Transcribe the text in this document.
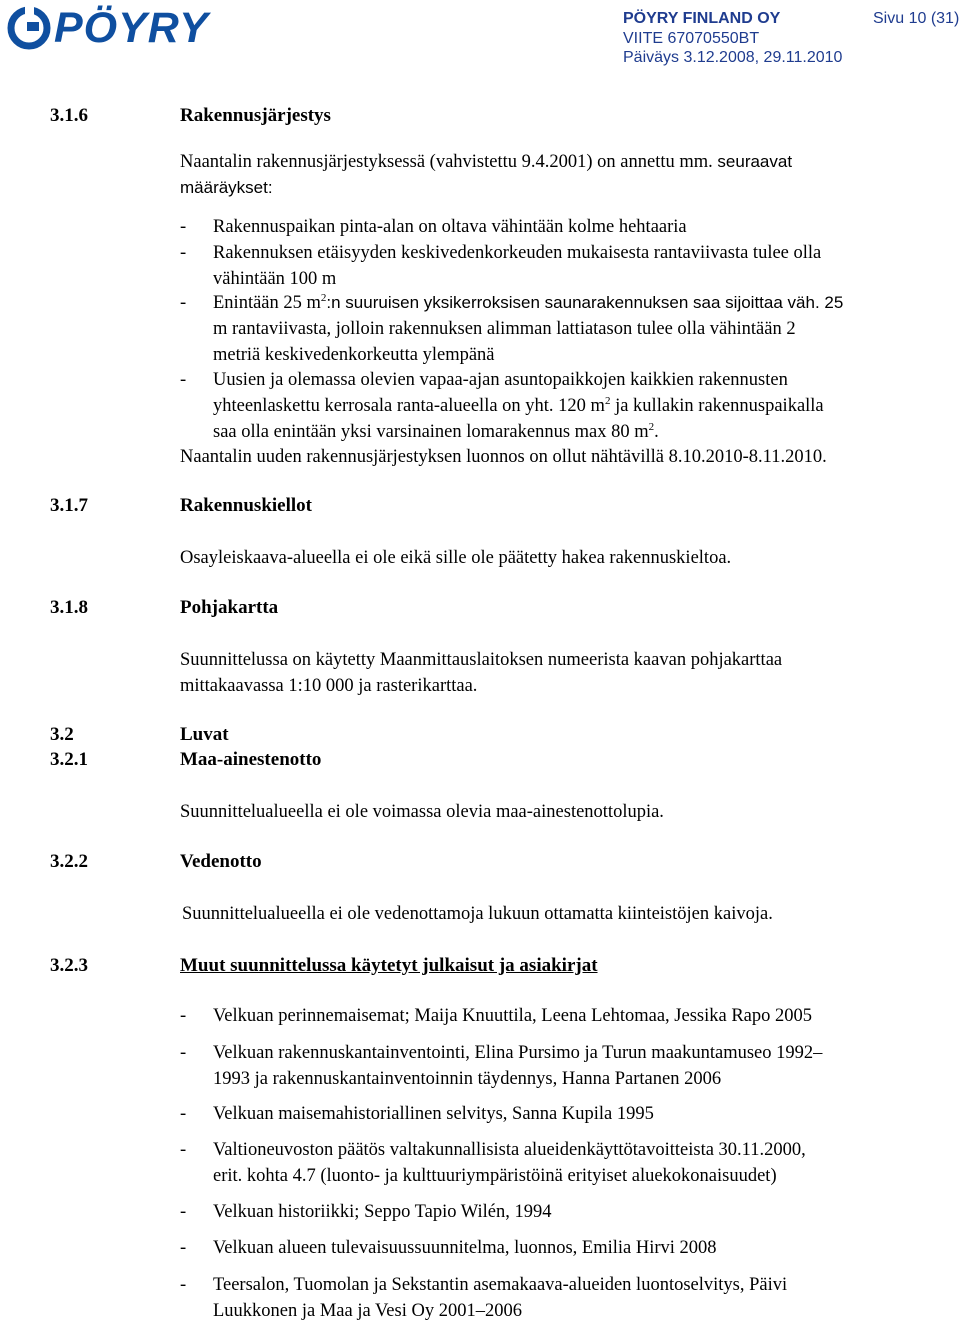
PÖYRY	PÖYRY FINLAND OY
VIITE 67070550BT
Päiväys 3.12.2008, 29.11.2010
Sivu 10 (31)
3.1.6	Rakennusjärjestys
Naantalin rakennusjärjestyksessä (vahvistettu 9.4.2001) on annettu mm. seuraavat
määräykset:
- Rakennuspaikan pinta-alan on oltava vähintään kolme hehtaaria
- Rakennuksen etäisyyden keskivedenkorkeuden mukaisesta rantaviivasta tulee olla
vähintään 100 m
- Enintään 25 $m^2:n$ suuruisen yksikerroksisen saunarakennuksen saa sijoittaa väh. 25
m rantaviivasta, jolloin rakennuksen alimman lattiatason tulee olla vähintään 2
metriä keskivedenkorkeutta ylempänä
- Uusien ja olemassa olevien vapaa-ajan asuntopaikkojen kaikkien rakennusten
yhteenlaskettu kerrosala ranta-alueella on yht. 120 $m^2$ ja kullakin rakennuspaikalla
saa olla enintään yksi varsinainen lomarakennus max 80 $m^2$.
Naantalin uuden rakennusjärjestyksen luonnos on ollut nähtävillä 8.10.2010-8.11.2010.
3.1.7	Rakennuskiellot
Osayleiskaava-alueella ei ole eikä sille ole päätetty hakea rakennuskieltoa.
3.1.8	Pohjakartta
Suunnittelussa on käytetty Maanmittauslaitoksen numeerista kaavan pohjakarttaa
mittakaavassa 1:10 000 ja rasterikarttaa.
3.2	Luvat
3.2.1	Maa-ainestenotto
Suunnittelualueella ei ole voimassa olevia maa-ainestenottolupia.
3.2.2	Vedenotto
Suunnittelualueella ei ole vedenottamoja lukuun ottamatta kiinteistöjen kaivoja.
3.2.3	Muut suunnittelussa käytetyt julkaisut ja asiakirjat
- Velkuan perinnemaisemat; Maija Knuuttila, Leena Lehtomaa, Jessika Rapo 2005
- Velkuan rakennuskantainventointi, Elina Pursimo ja Turun maakuntamuseo 1992–
1993 ja rakennuskantainventoinnin täydennys, Hanna Partanen 2006
- Velkuan maisemahistoriallinen selvitys, Sanna Kupila 1995
- Valtioneuvoston päätös valtakunnallisista alueidenkäyttötavoitteista 30.11.2000,
erit. kohta 4.7 (luonto- ja kulttuuriympäristöinä erityiset aluekokonaisuudet)
- Velkuan historiikki; Seppo Tapio Wilén, 1994
- Velkuan alueen tulevaisuussuunnitelma, luonnos, Emilia Hirvi 2008
- Teersalon, Tuomolan ja Sekstantin asemakaava-alueiden luontoselvitys, Päivi
Luukkonen ja Maa ja Vesi Oy 2001–2006
